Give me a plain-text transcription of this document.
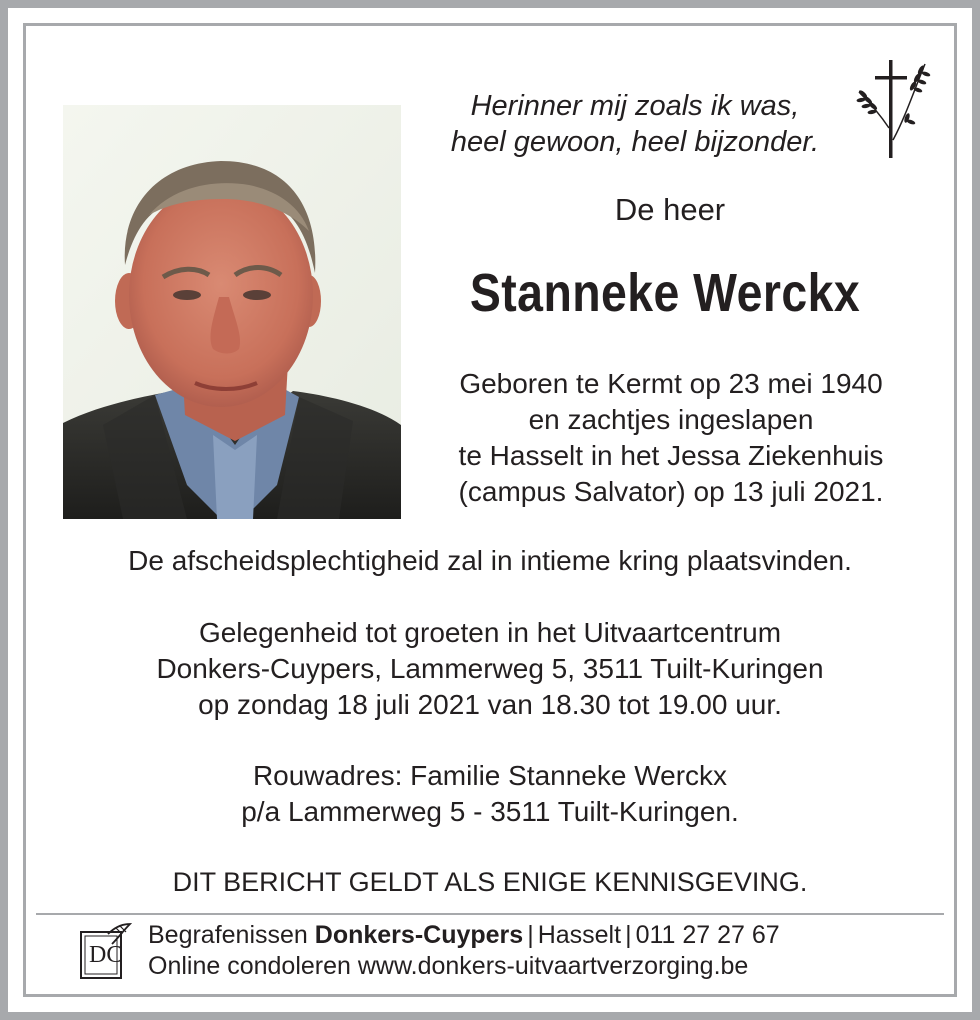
Herinner mij zoals ik was,
heel gewoon, heel bijzonder.
De heer
Stanneke Werckx
Geboren te Kermt op 23 mei 1940
en zachtjes ingeslapen
te Hasselt in het Jessa Ziekenhuis
(campus Salvator) op 13 juli 2021.
De afscheidsplechtigheid zal in intieme kring plaatsvinden.
Gelegenheid tot groeten in het Uitvaartcentrum
Donkers-Cuypers, Lammerweg 5, 3511 Tuilt-Kuringen
op zondag 18 juli 2021 van 18.30 tot 19.00 uur.
Rouwadres: Familie Stanneke Werckx
p/a Lammerweg 5 - 3511 Tuilt-Kuringen.
DIT BERICHT GELDT ALS ENIGE KENNISGEVING.
DC
Begrafenissen Donkers-Cuypers | Hasselt | 011 27 27 67
Online condoleren www.donkers-uitvaartverzorging.be
